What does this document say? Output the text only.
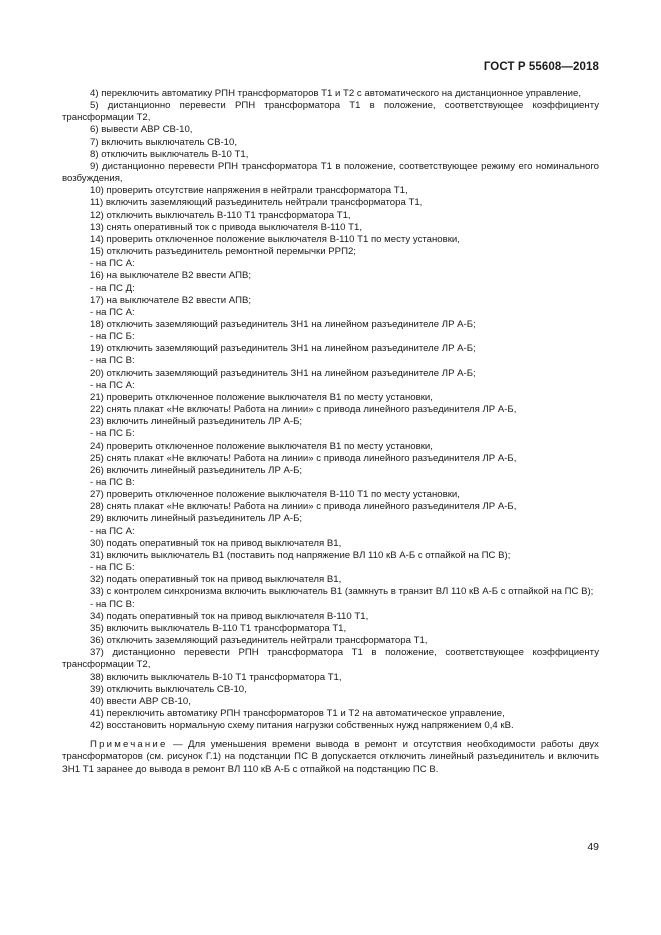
ГОСТ Р 55608—2018

4) переключить автоматику РПН трансформаторов Т1 и Т2 с автоматического на дистанционное управление,

5) дистанционно перевести РПН трансформатора Т1 в положение, соответствующее коэффициенту трансформации Т2,

6) вывести АВР СВ-10,

7) включить выключатель СВ-10,

8) отключить выключатель В-10 Т1,

9) дистанционно перевести РПН трансформатора Т1 в положение, соответствующее режиму его номинального возбуждения,

10) проверить отсутствие напряжения в нейтрали трансформатора Т1,

11) включить заземляющий разъединитель нейтрали трансформатора Т1,

12) отключить выключатель В-110 Т1 трансформатора Т1,

13) снять оперативный ток с привода выключателя В-110 Т1,

14) проверить отключенное положение выключателя В-110 Т1 по месту установки,

15) отключить разъединитель ремонтной перемычки РРП2;

- на ПС А:

16) на выключателе В2 ввести АПВ;

- на ПС Д:

17) на выключателе В2 ввести АПВ;

- на ПС А:

18) отключить заземляющий разъединитель ЗН1 на линейном разъединителе ЛР А-Б;

- на ПС Б:

19) отключить заземляющий разъединитель ЗН1 на линейном разъединителе ЛР А-Б;

- на ПС В:

20) отключить заземляющий разъединитель ЗН1 на линейном разъединителе ЛР А-Б;

- на ПС А:

21) проверить отключенное положение выключателя В1 по месту установки,

22) снять плакат «Не включать! Работа на линии» с привода линейного разъединителя ЛР А-Б,

23) включить линейный разъединитель ЛР А-Б;

- на ПС Б:

24) проверить отключенное положение выключателя В1 по месту установки,

25) снять плакат «Не включать! Работа на линии» с привода линейного разъединителя ЛР А-Б,

26) включить линейный разъединитель ЛР А-Б;

- на ПС В:

27) проверить отключенное положение выключателя В-110 Т1 по месту установки,

28) снять плакат «Не включать! Работа на линии» с привода линейного разъединителя ЛР А-Б,

29) включить линейный разъединитель ЛР А-Б;

- на ПС А:

30) подать оперативный ток на привод выключателя В1,

31) включить выключатель В1 (поставить под напряжение ВЛ 110 кВ А-Б с отпайкой на ПС В);

- на ПС Б:

32) подать оперативный ток на привод выключателя В1,

33) с контролем синхронизма включить выключатель В1 (замкнуть в транзит ВЛ 110 кВ А-Б с отпайкой на ПС В);

- на ПС В:

34) подать оперативный ток на привод выключателя В-110 Т1,

35) включить выключатель В-110 Т1 трансформатора Т1,

36) отключить заземляющий разъединитель нейтрали трансформатора Т1,

37) дистанционно перевести РПН трансформатора Т1 в положение, соответствующее коэффициенту трансформации Т2,

38) включить выключатель В-10 Т1 трансформатора Т1,

39) отключить выключатель СВ-10,

40) ввести АВР СВ-10,

41) переключить автоматику РПН трансформаторов Т1 и Т2 на автоматическое управление,

42) восстановить нормальную схему питания нагрузки собственных нужд напряжением 0,4 кВ.

Примечание — Для уменьшения времени вывода в ремонт и отсутствия необходимости работы двух трансформаторов (см. рисунок Г.1) на подстанции ПС В допускается отключить линейный разъединитель и включить ЗН1 Т1 заранее до вывода в ремонт ВЛ 110 кВ А-Б с отпайкой на подстанцию ПС В.

49
